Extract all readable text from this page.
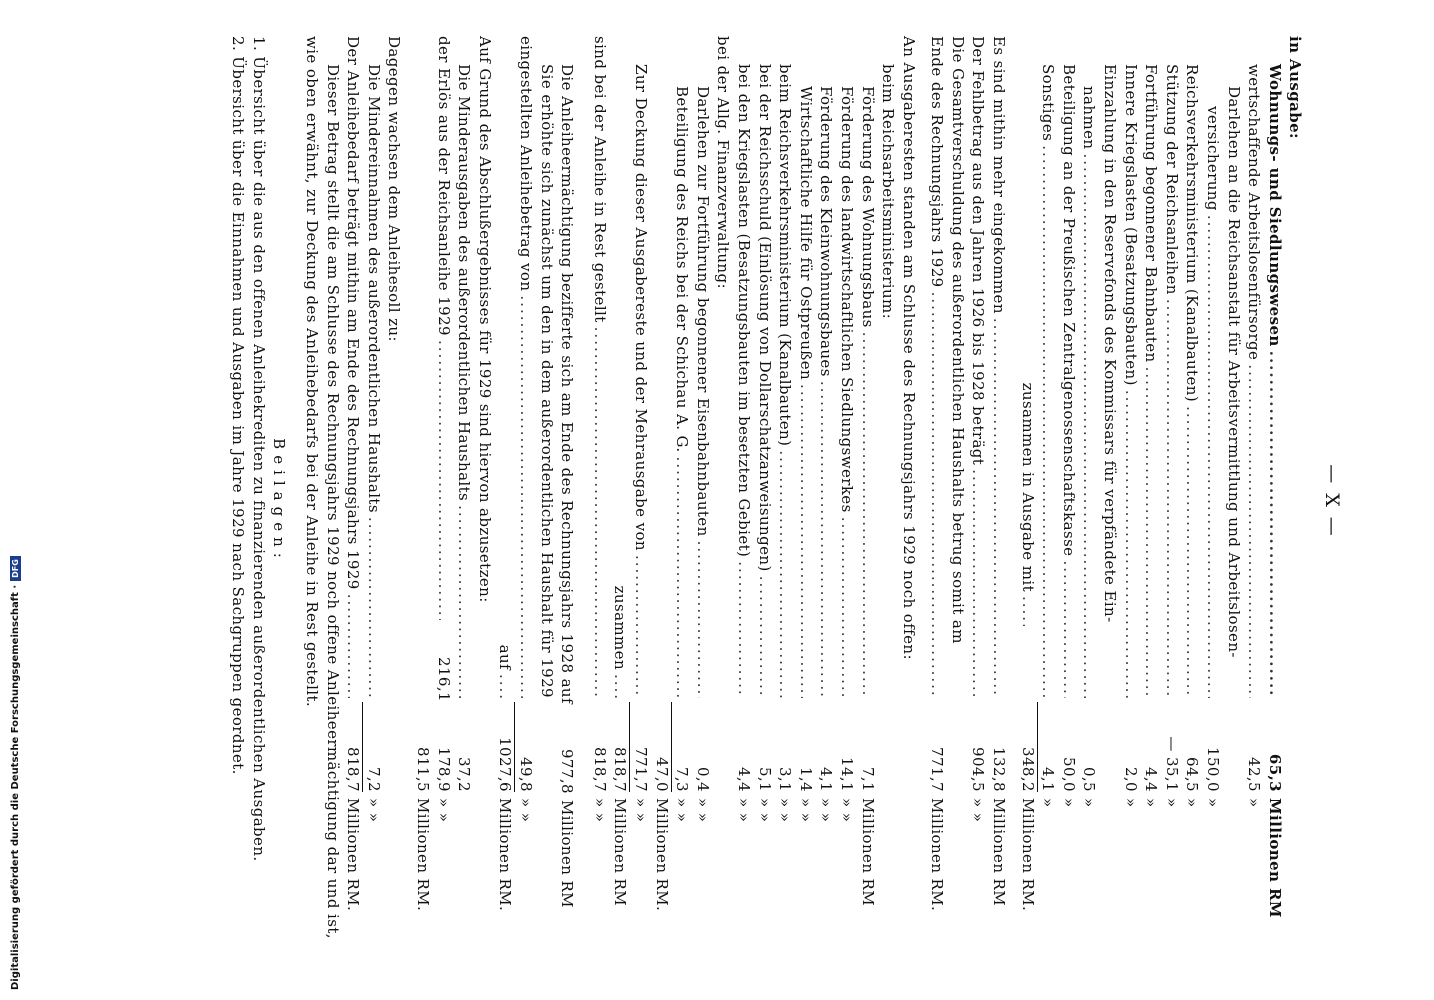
— X —
in Ausgabe:
Wohnungs- und Siedlungswesen
.....
65,3
Millionen RM
wertschaffende Arbeitslosenfürsorge
.....
42,5
»
Darlehen an die Reichsanstalt für Arbeitsvermittlung und Arbeitslosen-
versicherung
.....
150,0
»
Reichsverkehrsministerium (Kanalbauten)
.....
64,5
»
Stützung der Reichsanleihen
.....
— 35,1
»
Fortführung begonnener Bahnbauten
.....
4,4
»
Innere Kriegslasten (Besatzungsbauten)
.....
2,0
»
Einzahlung in den Reservefonds des Kommissars für verpfändete Ein-
nahmen
.....
0,5
»
Beteiligung an der Preußischen Zentralgenossenschaftskasse
.....
50,0
»
Sonstiges
.....
4,1
»
zusammen in Ausgabe mit
.....
348,2
Millionen RM.
Es sind mithin mehr eingekommen
.....
132,8
Millionen RM
Der Fehlbetrag aus den Jahren 1926 bis 1928 beträgt
.....
904,5
» »
Die Gesamtverschuldung des außerordentlichen Haushalts betrug somit am
Ende des Rechnungsjahrs 1929
.....
771,7
Millionen RM.
An Ausgaberesten standen am Schlusse des Rechnungsjahrs 1929 noch offen:
beim Reichsarbeitsministerium:
Förderung des Wohnungsbaus
.....
7,1
Millionen RM
Förderung des landwirtschaftlichen Siedlungswerkes
.....
14,1
» »
Förderung des Kleinwohnungsbaues
.....
4,1
» »
Wirtschaftliche Hilfe für Ostpreußen
.....
1,4
» »
beim Reichsverkehrsministerium (Kanalbauten)
.....
3,1
» »
bei der Reichsschuld (Einlösung von Dollarschatzanweisungen)
.....
5,1
» »
bei den Kriegslasten (Besatzungsbauten im besetzten Gebiet)
.....
4,4
» »
bei der Allg. Finanzverwaltung:
Darlehen zur Fortführung begonnener Eisenbahnbauten
.....
0,4
» »
Beteiligung des Reichs bei der Schichau A. G.
.....
7,3
» »
47,0
Millionen RM.
Zur Deckung dieser Ausgabereste und der Mehrausgabe von
.....
771,7
» »
zusammen
.....
818,7
Millionen RM
sind bei der Anleihe in Rest gestellt
.....
818,7
» »
Die Anleiheermächtigung bezifferte sich am Ende des Rechnungsjahrs 1928 auf
977,8
Millionen RM
Sie erhöhte sich zunächst um den in dem außerordentlichen Haushalt für 1929
eingestellten Anleihebetrag von
.....
49,8
» »
auf
.....
1027,6
Millionen RM.
Auf Grund des Abschlußergebnisses für 1929 sind hiervon abzusetzen:
Die Minderausgaben des außerordentlichen Haushalts
.....
37,2
der Erlös aus der Reichsanleihe 1929
.....
216,1
178,9
» »
811,5
Millionen RM.
Dagegen wachsen dem Anleihesoll zu:
Die Mindereinnahmen des außerordentlichen Haushalts
.....
7,2
» »
Der Anleihebedarf beträgt mithin am Ende des Rechnungsjahrs 1929
.....
818,7
Millionen RM.
Dieser Betrag stellt die am Schlusse des Rechnungsjahrs 1929 noch offene Anleiheermächtigung dar und ist, wie oben erwähnt, zur Deckung des Anleihebedarfs bei der Anleihe in Rest gestellt.
Beilagen:
1. Übersicht über die aus den offenen Anleihekrediten zu finanzierenden außerordentlichen Ausgaben.
2. Übersicht über die Einnahmen und Ausgaben im Jahre 1929 nach Sachgruppen geordnet.
Digitalisierung gefördert durch die Deutsche Forschungsgemeinschaft ·
DFG
